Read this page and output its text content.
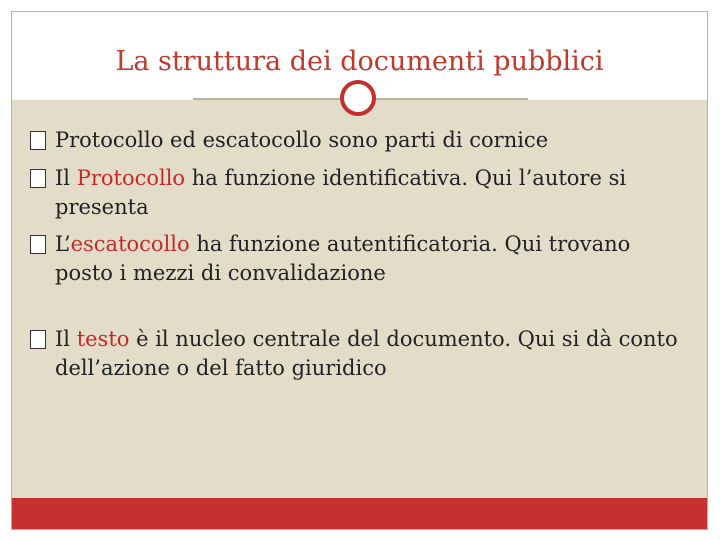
La struttura dei documenti pubblici
Protocollo ed escatocollo sono parti di cornice
Il Protocollo ha funzione identificativa. Qui l’autore si presenta
L’escatocollo ha funzione autentificatoria. Qui trovano posto i mezzi di convalidazione
Il testo è il nucleo centrale del documento. Qui si dà conto dell’azione o del fatto giuridico
